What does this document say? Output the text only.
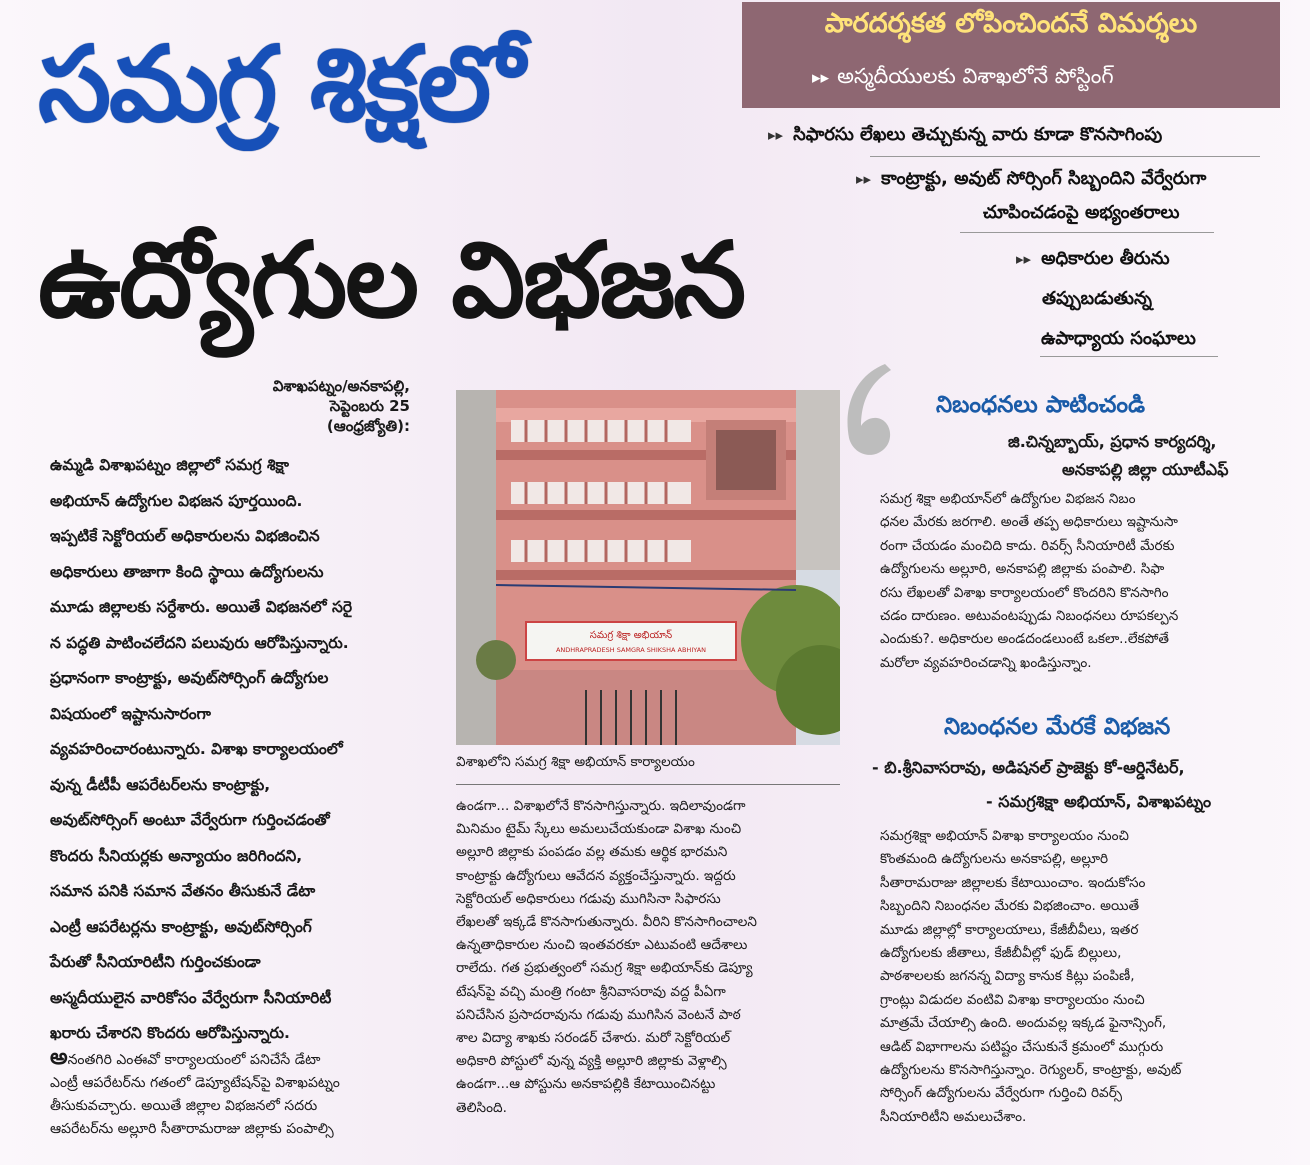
సమగ్ర శిక్షలో
ఉద్యోగుల విభజన
పారదర్శకత లోపించిందనే విమర్శలు
▸▸ అస్మదీయులకు విశాఖలోనే పోస్టింగ్
▸▸ సిఫారసు లేఖలు తెచ్చుకున్న వారు కూడా కొనసాగింపు
▸▸ కాంట్రాక్టు, అవుట్ సోర్సింగ్ సిబ్బందిని వేర్వేరుగా
చూపించడంపై అభ్యంతరాలు
▸▸ అధికారుల తీరును
తప్పుబడుతున్న
ఉపాధ్యాయ సంఘాలు
విశాఖపట్నం/అనకాపల్లి, సెప్టెంబరు 25 (ఆంధ్రజ్యోతి):

ఉమ్మడి విశాఖపట్నం జిల్లాలో సమగ్ర శిక్షా

అభియాన్ ఉద్యోగుల విభజన పూర్తయింది.

ఇప్పటికే సెక్టోరియల్ అధికారులను విభజించిన

అధికారులు తాజాగా కింది స్థాయి ఉద్యోగులను

మూడు జిల్లాలకు సర్దేశారు. అయితే విభజనలో సరై

న పద్ధతి పాటించలేదని పలువురు ఆరోపిస్తున్నారు.

ప్రధానంగా కాంట్రాక్టు, అవుట్‌సోర్సింగ్ ఉద్యోగుల

విషయంలో ఇష్టానుసారంగా

వ్యవహరించారంటున్నారు. విశాఖ కార్యాలయంలో

వున్న డీటీపీ ఆపరేటర్‌లను కాంట్రాక్టు,

అవుట్‌సోర్సింగ్ అంటూ వేర్వేరుగా గుర్తించడంతో

కొందరు సీనియర్లకు అన్యాయం జరిగిందని,

సమాన పనికి సమాన వేతనం తీసుకునే డేటా

ఎంట్రీ ఆపరేటర్లను కాంట్రాక్టు, అవుట్‌సోర్సింగ్

పేరుతో సీనియారిటీని గుర్తించకుండా

అస్మదీయులైన వారికోసం వేర్వేరుగా సీనియారిటీ

ఖరారు చేశారని కొందరు ఆరోపిస్తున్నారు.

అనంతగిరి ఎంఈవో కార్యాలయంలో పనిచేసే డేటా

ఎంట్రీ ఆపరేటర్‌ను గతంలో డెప్యూటేషన్‌పై విశాఖపట్నం

తీసుకువచ్చారు. అయితే జిల్లాల విభజనలో సదరు

ఆపరేటర్‌ను అల్లూరి సీతారామరాజు జిల్లాకు పంపాల్సి

సమగ్ర శిక్షా అభియాన్
ANDHRAPRADESH SAMGRA SHIKSHA ABHIYAN
విశాఖలోని సమగ్ర శిక్షా అభియాన్ కార్యాలయం

ఉండగా... విశాఖలోనే కొనసాగిస్తున్నారు. ఇదిలావుండగా

మినిమం టైమ్ స్కేలు అమలుచేయకుండా విశాఖ నుంచి

అల్లూరి జిల్లాకు పంపడం వల్ల తమకు ఆర్థిక భారమని

కాంట్రాక్టు ఉద్యోగులు ఆవేదన వ్యక్తంచేస్తున్నారు. ఇద్దరు

సెక్టోరియల్ అధికారులు గడువు ముగిసినా సిఫారసు

లేఖలతో ఇక్కడే కొనసాగుతున్నారు. వీరిని కొనసాగించాలని

ఉన్నతాధికారుల నుంచి ఇంతవరకూ ఎటువంటి ఆదేశాలు

రాలేదు. గత ప్రభుత్వంలో సమగ్ర శిక్షా అభియాన్‌కు డెప్యూ

టేషన్‌పై వచ్చి మంత్రి గంటా శ్రీనివాసరావు వద్ద పీఏగా

పనిచేసిన ప్రసాదరావును గడువు ముగిసిన వెంటనే పాఠ

శాల విద్యా శాఖకు సరండర్ చేశారు. మరో సెక్టోరియల్

అధికారి పోస్టులో వున్న వ్యక్తి అల్లూరి జిల్లాకు వెళ్లాల్సి

ఉండగా...ఆ పోస్టును అనకాపల్లికి కేటాయించినట్టు

తెలిసింది.

నిబంధనలు పాటించండి
జి.చిన్నబ్బాయ్, ప్రధాన కార్యదర్శి,
అనకాపల్లి జిల్లా యూటీఎఫ్

సమగ్ర శిక్షా అభియాన్‌లో ఉద్యోగుల విభజన నిబం

ధనల మేరకు జరగాలి. అంతే తప్ప అధికారులు ఇష్టానుసా

రంగా చేయడం మంచిది కాదు. రివర్స్ సీనియారిటీ మేరకు

ఉద్యోగులను అల్లూరి, అనకాపల్లి జిల్లాకు పంపాలి. సిఫా

రసు లేఖలతో విశాఖ కార్యాలయంలో కొందరిని కొనసాగిం

చడం దారుణం. అటువంటప్పుడు నిబంధనలు రూపకల్పన

ఎందుకు?. అధికారుల అండదండలుంటే ఒకలా..లేకపోతే

మరోలా వ్యవహరించడాన్ని ఖండిస్తున్నాం.

నిబంధనల మేరకే విభజన
- బి.శ్రీనివాసరావు, అడిషనల్ ప్రాజెక్టు కో-ఆర్డినేటర్,
- సమగ్రశిక్షా అభియాన్, విశాఖపట్నం

సమగ్రశిక్షా అభియాన్ విశాఖ కార్యాలయం నుంచి

కొంతమంది ఉద్యోగులను అనకాపల్లి, అల్లూరి

సీతారామరాజు జిల్లాలకు కేటాయించాం. ఇందుకోసం

సిబ్బందిని నిబంధనల మేరకు విభజించాం. అయితే

మూడు జిల్లాల్లో కార్యాలయాలు, కేజీబీవీలు, ఇతర

ఉద్యోగులకు జీతాలు, కేజీబీవీల్లో ఫుడ్ బిల్లులు,

పాఠశాలలకు జగనన్న విద్యా కానుక కిట్లు పంపిణీ,

గ్రాంట్లు విడుదల వంటివి విశాఖ కార్యాలయం నుంచి

మాత్రమే చేయాల్సి ఉంది. అందువల్ల ఇక్కడ ఫైనాన్సింగ్,

ఆడిట్ విభాగాలను పటిష్టం చేసుకునే క్రమంలో ముగ్గురు

ఉద్యోగులను కొనసాగిస్తున్నాం. రెగ్యులర్, కాంట్రాక్టు, అవుట్

సోర్సింగ్ ఉద్యోగులను వేర్వేరుగా గుర్తించి రివర్స్

సీనియారిటీని అమలుచేశాం.
